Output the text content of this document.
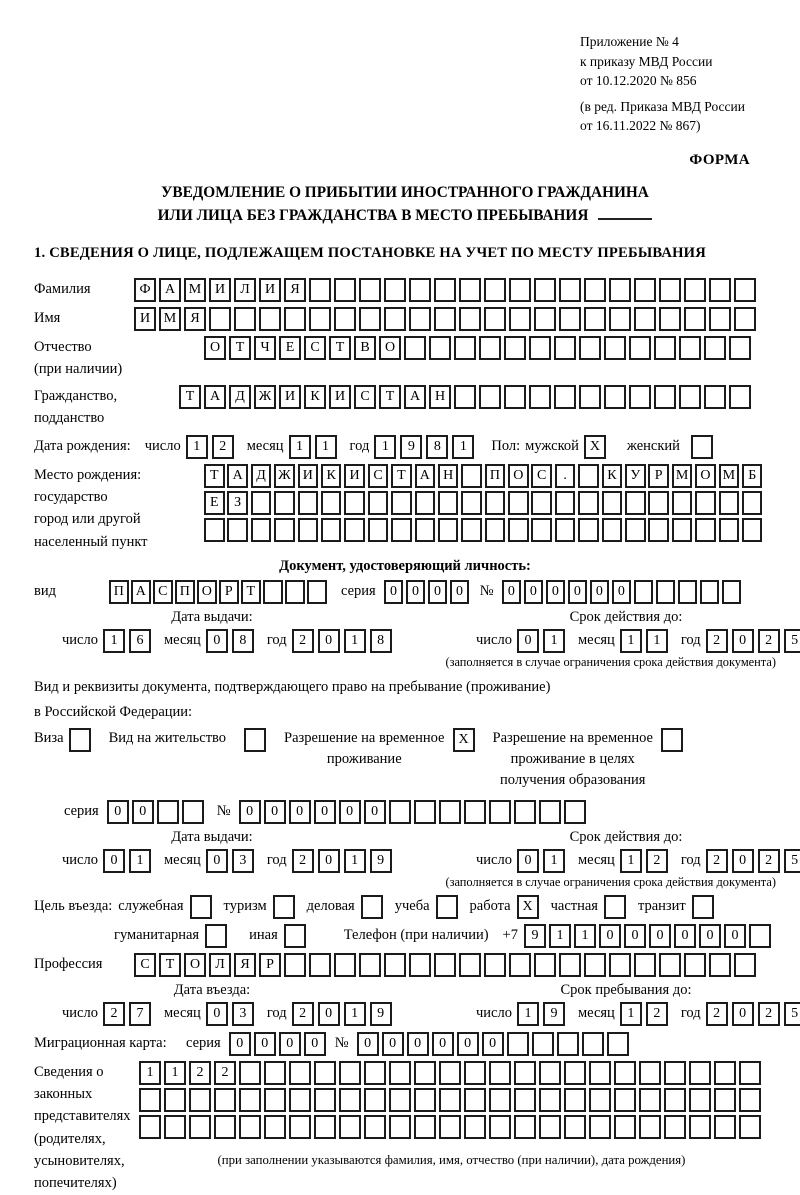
Приложение № 4
к приказу МВД России
от 10.12.2020 № 856
(в ред. Приказа МВД России
от 16.11.2022 № 867)
ФОРМА
УВЕДОМЛЕНИЕ О ПРИБЫТИИ ИНОСТРАННОГО ГРАЖДАНИНА
ИЛИ ЛИЦА БЕЗ ГРАЖДАНСТВА В МЕСТО ПРЕБЫВАНИЯ
1. СВЕДЕНИЯ О ЛИЦЕ, ПОДЛЕЖАЩЕМ ПОСТАНОВКЕ НА УЧЕТ ПО МЕСТУ ПРЕБЫВАНИЯ
Фамилия	Ф А М И Л И Я
Имя	И М Я
Отчество
(при наличии)
О Т Ч Е С Т В О
Гражданство,
подданство
Т А Д Ж И К И С Т А Н
Дата рождения: число 1 2	месяц 1 1	год 1 9 8 1	Пол: мужской X	женский
Место рождения:
государство
город или другой
населенный пункт
Т А Д Ж И К И С Т А Н	П О С .	К У Р М О М Б
Е З
Документ, удостоверяющий личность:
вид	П А С П О Р Т	серия	0 0 0 0	№	0 0 0 0 0 0
Дата выдачи:
число 1 6	месяц 0 8	год 2 0 1 8
Срок действия до:
число 0 1	месяц 1 1	год 2 0 2 5
(заполняется в случае ограничения срока действия документа)
Вид и реквизиты документа, подтверждающего право на пребывание (проживание)
в Российской Федерации:
Виза	Вид на жительство	Разрешение на временное
проживание
X	Разрешение на временное
проживание в целях
получения образования
серия	0 0	№	0 0 0 0 0 0
Дата выдачи:
число 0 1	месяц 0 3	год 2 0 1 9
Срок действия до:
число 0 1	месяц 1 2	год 2 0 2 5
(заполняется в случае ограничения срока действия документа)
Цель въезда: служебная	туризм	деловая	учеба	работа X	частная	транзит
гуманитарная	иная	Телефон (при наличии) +7 9 1 1 0 0 0 0 0 0
Профессия	С Т О Л Я Р
Дата въезда:
число 2 7	месяц 0 3	год 2 0 1 9
Срок пребывания до:
число 1 9	месяц 1 2	год 2 0 2 5
Миграционная карта:	серия	0 0 0 0	№	0 0 0 0 0 0
Сведения о
законных
представителях
(родителях,
усыновителях,
попечителях)
1 1 2 2
(при заполнении указываются фамилия, имя, отчество (при наличии), дата рождения)
